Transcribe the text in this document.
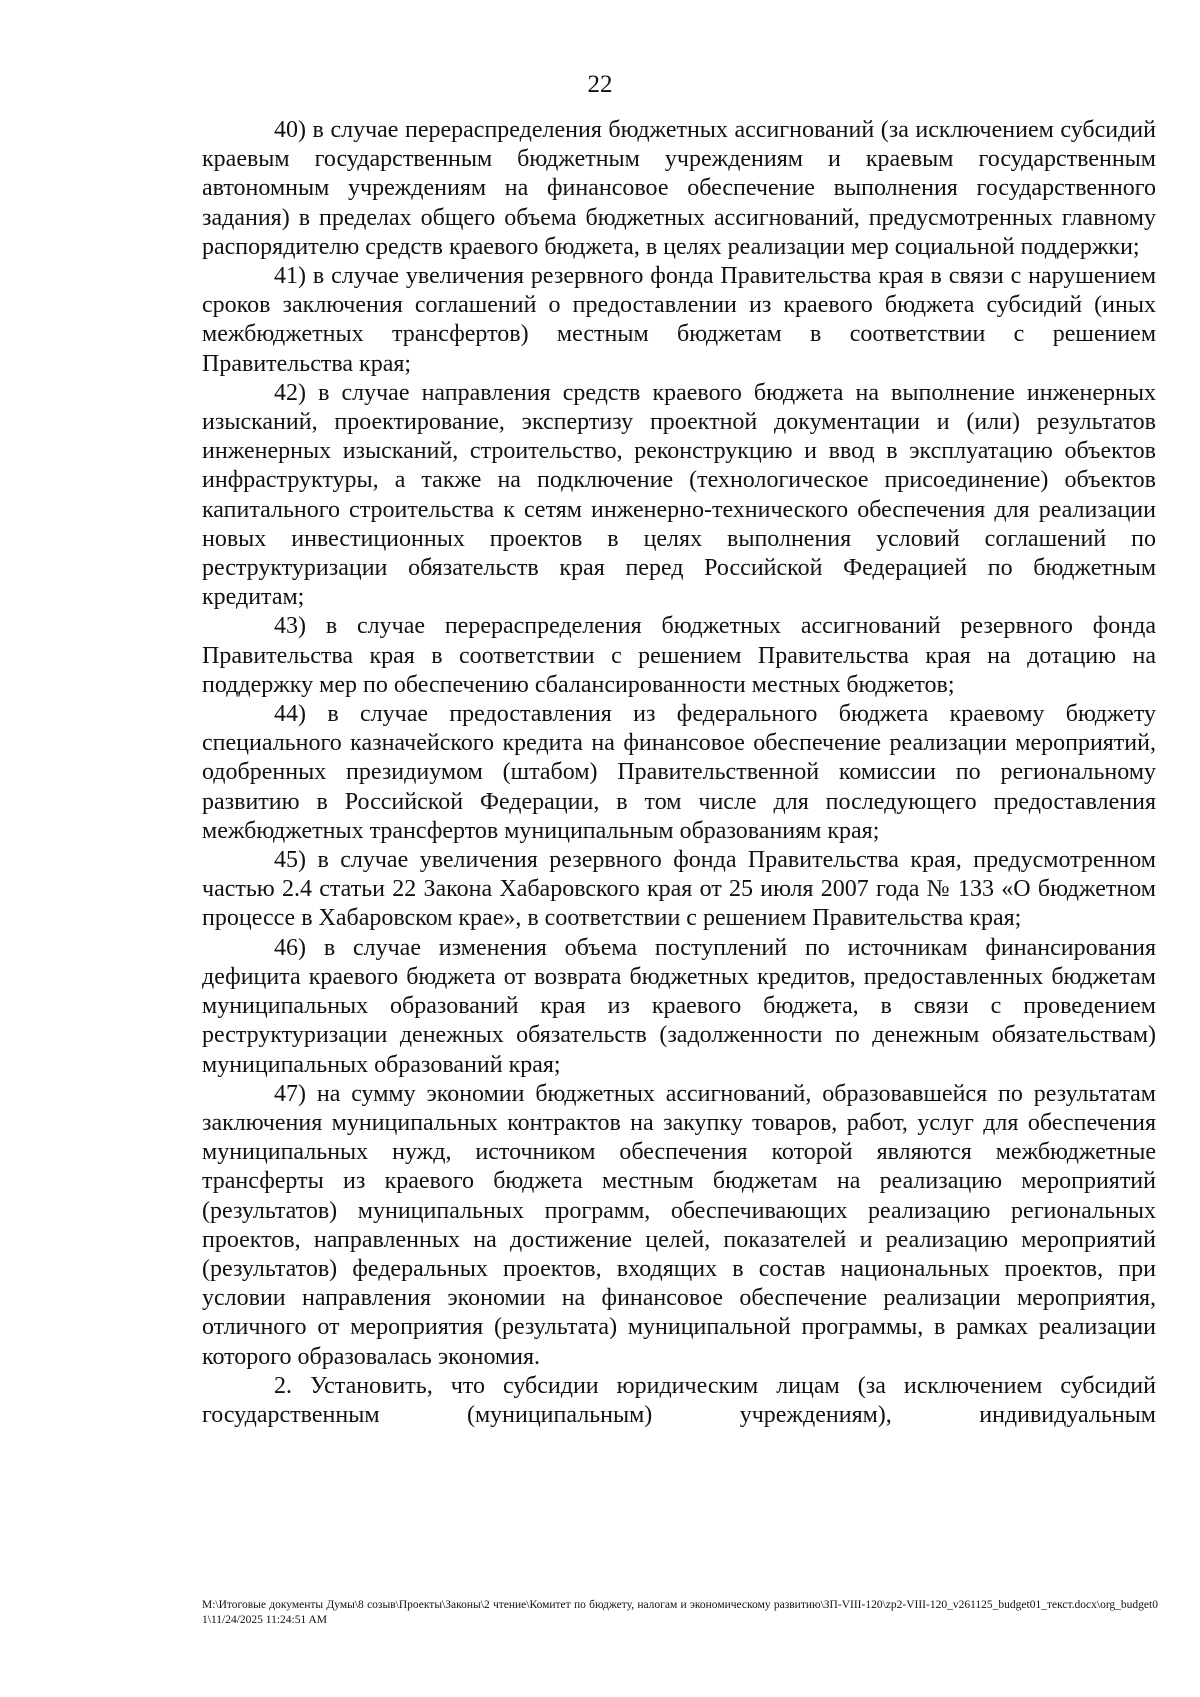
22

40) в случае перераспределения бюджетных ассигнований (за исключением субсидий краевым государственным бюджетным учреждениям и краевым государственным автономным учреждениям на финансовое обеспечение выполнения государственного задания) в пределах общего объема бюджетных ассигнований, предусмотренных главному распорядителю средств краевого бюджета, в целях реализации мер социальной поддержки;

41) в случае увеличения резервного фонда Правительства края в связи с нарушением сроков заключения соглашений о предоставлении из краевого бюджета субсидий (иных межбюджетных трансфертов) местным бюджетам в соответствии с решением Правительства края;

42) в случае направления средств краевого бюджета на выполнение инженерных изысканий, проектирование, экспертизу проектной документации и (или) результатов инженерных изысканий, строительство, реконструкцию и ввод в эксплуатацию объектов инфраструктуры, а также на подключение (технологическое присоединение) объектов капитального строительства к сетям инженерно-технического обеспечения для реализации новых инвестиционных проектов в целях выполнения условий соглашений по реструктуризации обязательств края перед Российской Федерацией по бюджетным кредитам;

43) в случае перераспределения бюджетных ассигнований резервного фонда Правительства края в соответствии с решением Правительства края на дотацию на поддержку мер по обеспечению сбалансированности местных бюджетов;

44) в случае предоставления из федерального бюджета краевому бюджету специального казначейского кредита на финансовое обеспечение реализации мероприятий, одобренных президиумом (штабом) Правительственной комиссии по региональному развитию в Российской Федерации, в том числе для последующего предоставления межбюджетных трансфертов муниципальным образованиям края;

45) в случае увеличения резервного фонда Правительства края, предусмотренном частью 2.4 статьи 22 Закона Хабаровского края от 25 июля 2007 года № 133 «О бюджетном процессе в Хабаровском крае», в соответствии с решением Правительства края;

46) в случае изменения объема поступлений по источникам финансирования дефицита краевого бюджета от возврата бюджетных кредитов, предоставленных бюджетам муниципальных образований края из краевого бюджета, в связи с проведением реструктуризации денежных обязательств (задолженности по денежным обязательствам) муниципальных образований края;

47) на сумму экономии бюджетных ассигнований, образовавшейся по результатам заключения муниципальных контрактов на закупку товаров, работ, услуг для обеспечения муниципальных нужд, источником обеспечения которой являются межбюджетные трансферты из краевого бюджета местным бюджетам на реализацию мероприятий (результатов) муниципальных программ, обеспечивающих реализацию региональных проектов, направленных на достижение целей, показателей и реализацию мероприятий (результатов) федеральных проектов, входящих в состав национальных проектов, при условии направления экономии на финансовое обеспечение реализации мероприятия, отличного от мероприятия (результата) муниципальной программы, в рамках реализации которого образовалась экономия.

2. Установить, что субсидии юридическим лицам (за исключением субсидий государственным (муниципальным) учреждениям), индивидуальным

M:\Итоговые документы Думы\8 созыв\Проекты\Законы\2 чтение\Комитет по бюджету, налогам и экономическому развитию\ЗП-VIII-120\zp2-VIII-120_v261125_budget01_текст.docx\org_budget01\11/24/2025 11:24:51 AM
